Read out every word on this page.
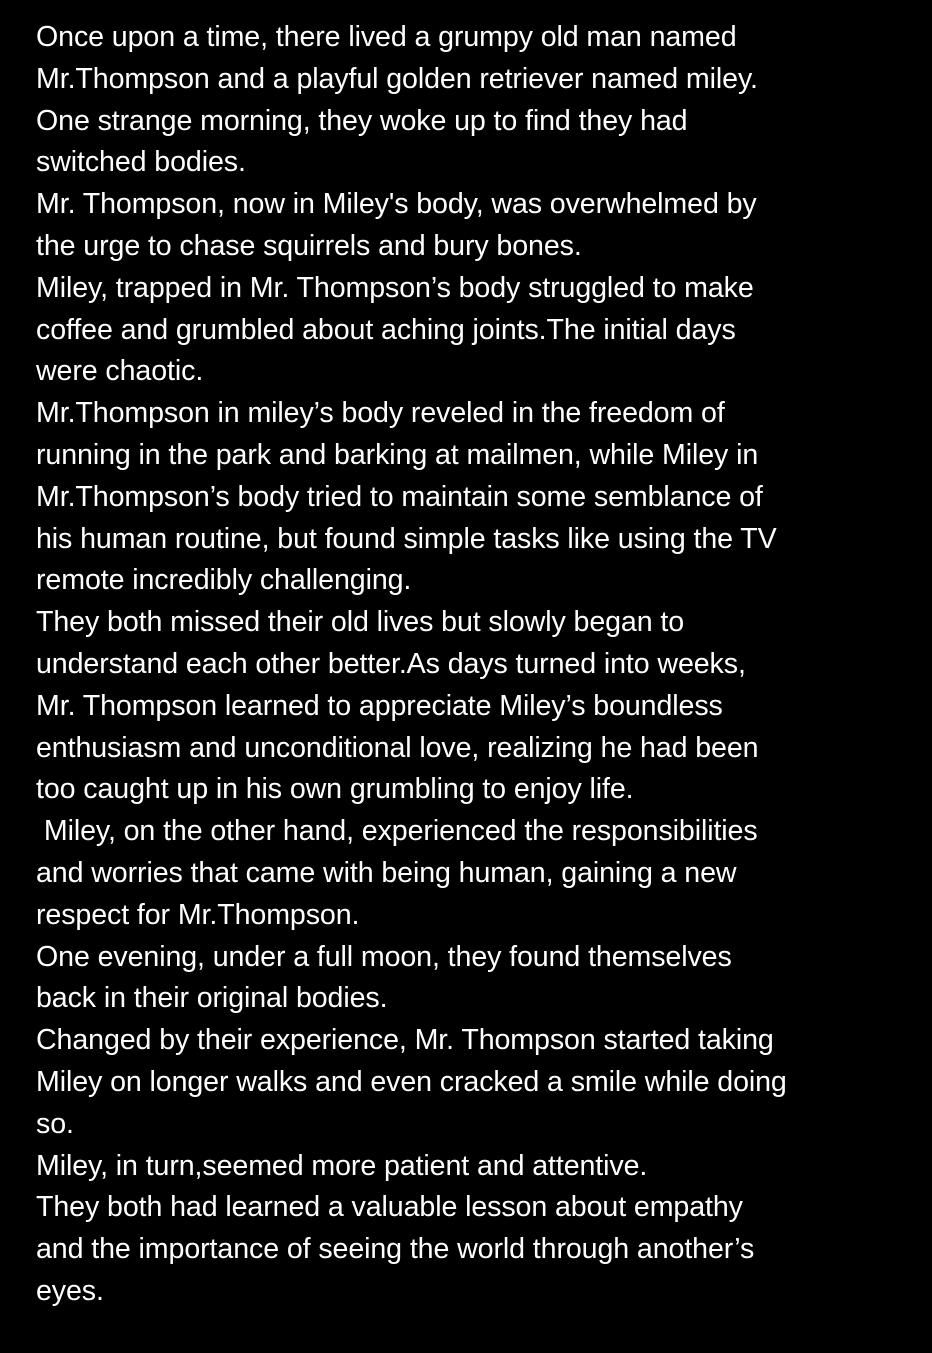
Once upon a time, there lived a grumpy old man named
Mr.Thompson and a playful golden retriever named miley.
One strange morning, they woke up to find they had
switched bodies.
Mr. Thompson, now in Miley's body, was overwhelmed by
the urge to chase squirrels and bury bones.
Miley, trapped in Mr. Thompson’s body struggled to make
coffee and grumbled about aching joints.The initial days
were chaotic.
Mr.Thompson in miley’s body reveled in the freedom of
running in the park and barking at mailmen, while Miley in
Mr.Thompson’s body tried to maintain some semblance of
his human routine, but found simple tasks like using the TV
remote incredibly challenging.
They both missed their old lives but slowly began to
understand each other better.As days turned into weeks,
Mr. Thompson learned to appreciate Miley’s boundless
enthusiasm and unconditional love, realizing he had been
too caught up in his own grumbling to enjoy life.
Miley, on the other hand, experienced the responsibilities
and worries that came with being human, gaining a new
respect for Mr.Thompson.
One evening, under a full moon, they found themselves
back in their original bodies.
Changed by their experience, Mr. Thompson started taking
Miley on longer walks and even cracked a smile while doing
so.
Miley, in turn,seemed more patient and attentive.
They both had learned a valuable lesson about empathy
and the importance of seeing the world through another’s
eyes.
